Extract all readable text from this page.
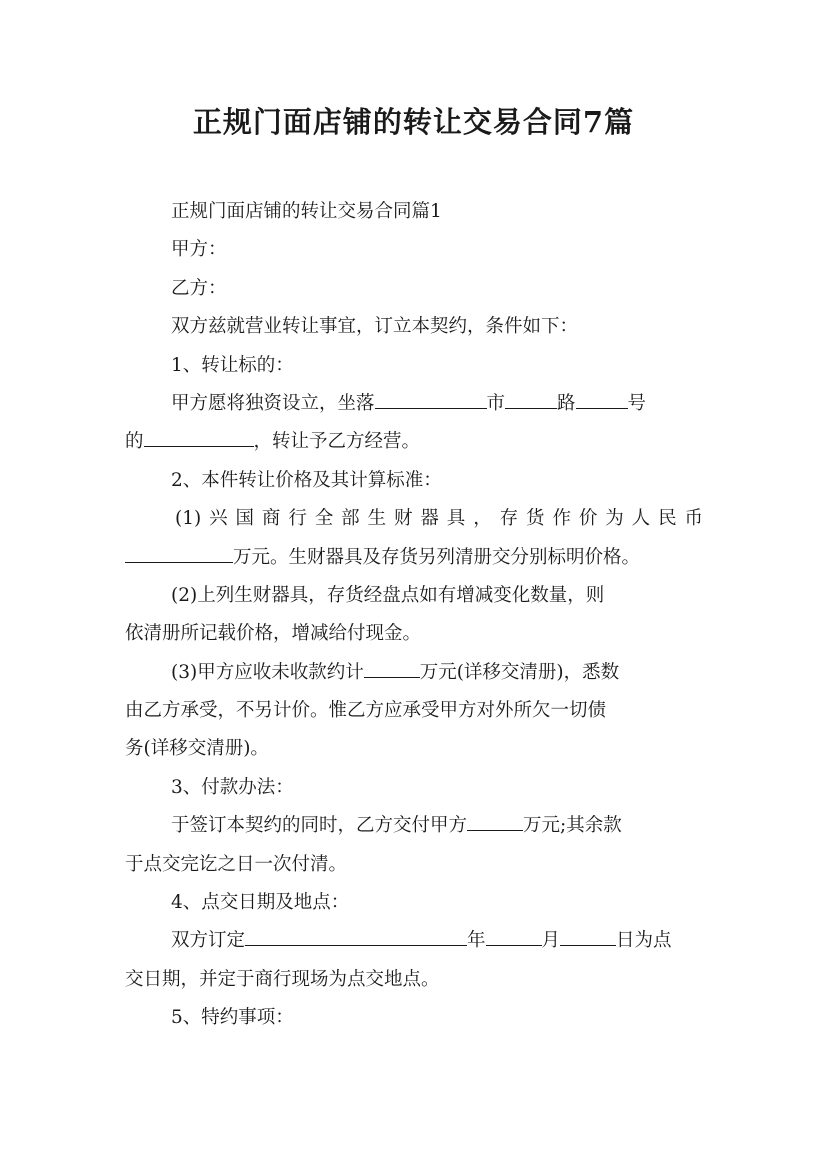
正规门面店铺的转让交易合同7篇
正规门面店铺的转让交易合同篇1
甲方：
乙方：
双方兹就营业转让事宜，订立本契约，条件如下：
1、转让标的：
甲方愿将独资设立，坐落	市	路	号
的	，转让予乙方经营。
2、本件转让价格及其计算标准：
(1)兴国商行全部生财器具，存货作价为人民币
万元。生财器具及存货另列清册交分别标明价格。
(2)上列生财器具，存货经盘点如有增减变化数量，则
依清册所记载价格，增减给付现金。
(3)甲方应收未收款约计	万元(详移交清册)，悉数
由乙方承受，不另计价。惟乙方应承受甲方对外所欠一切债
务(详移交清册)。
3、付款办法：
于签订本契约的同时，乙方交付甲方	万元;其余款
于点交完讫之日一次付清。
4、点交日期及地点：
双方订定	年	月	日为点
交日期，并定于商行现场为点交地点。
5、特约事项：
